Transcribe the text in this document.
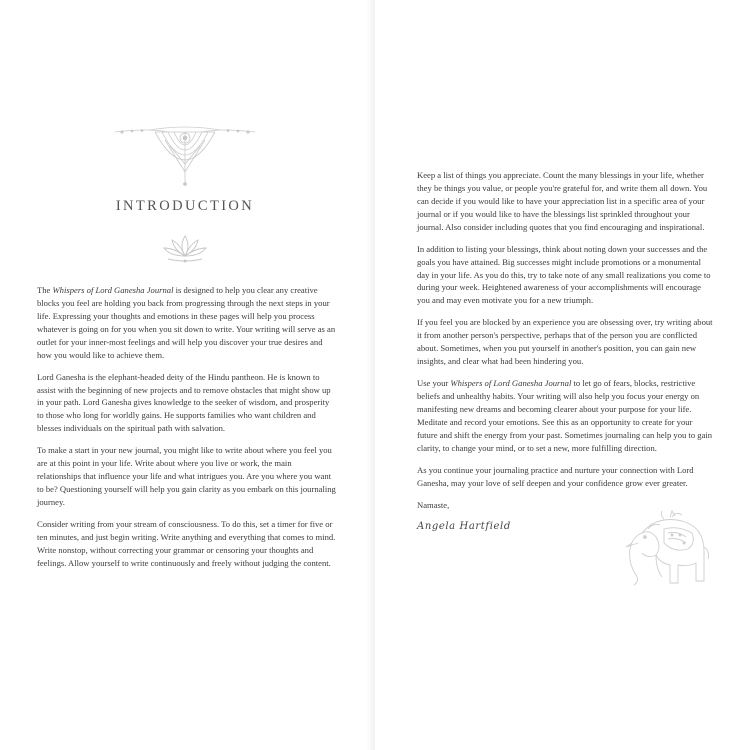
INTRODUCTION

The Whispers of Lord Ganesha Journal is designed to help you clear any creative blocks you feel are holding you back from progressing through the next steps in your life. Expressing your thoughts and emotions in these pages will help you process whatever is going on for you when you sit down to write. Your writing will serve as an outlet for your inner-most feelings and will help you discover your true desires and how you would like to achieve them.

Lord Ganesha is the elephant-headed deity of the Hindu pantheon. He is known to assist with the beginning of new projects and to remove obstacles that might show up in your path. Lord Ganesha gives knowledge to the seeker of wisdom, and prosperity to those who long for worldly gains. He supports families who want children and blesses individuals on the spiritual path with salvation.

To make a start in your new journal, you might like to write about where you feel you are at this point in your life. Write about where you live or work, the main relationships that influence your life and what intrigues you. Are you where you want to be? Questioning yourself will help you gain clarity as you embark on this journaling journey.

Consider writing from your stream of consciousness. To do this, set a timer for five or ten minutes, and just begin writing. Write anything and everything that comes to mind. Write nonstop, without correcting your grammar or censoring your thoughts and feelings. Allow yourself to write continuously and freely without judging the content.

Keep a list of things you appreciate. Count the many blessings in your life, whether they be things you value, or people you're grateful for, and write them all down. You can decide if you would like to have your appreciation list in a specific area of your journal or if you would like to have the blessings list sprinkled throughout your journal. Also consider including quotes that you find encouraging and inspirational.

In addition to listing your blessings, think about noting down your successes and the goals you have attained. Big successes might include promotions or a monumental day in your life. As you do this, try to take note of any small realizations you come to during your week. Heightened awareness of your accomplishments will encourage you and may even motivate you for a new triumph.

If you feel you are blocked by an experience you are obsessing over, try writing about it from another person's perspective, perhaps that of the person you are conflicted about. Sometimes, when you put yourself in another's position, you can gain new insights, and clear what had been hindering you.

Use your Whispers of Lord Ganesha Journal to let go of fears, blocks, restrictive beliefs and unhealthy habits. Your writing will also help you focus your energy on manifesting new dreams and becoming clearer about your purpose for your life. Meditate and record your emotions. See this as an opportunity to create for your future and shift the energy from your past. Sometimes journaling can help you to gain clarity, to change your mind, or to set a new, more fulfilling direction.

As you continue your journaling practice and nurture your connection with Lord Ganesha, may your love of self deepen and your confidence grow ever greater.

Namaste,

Angela Hartfield
